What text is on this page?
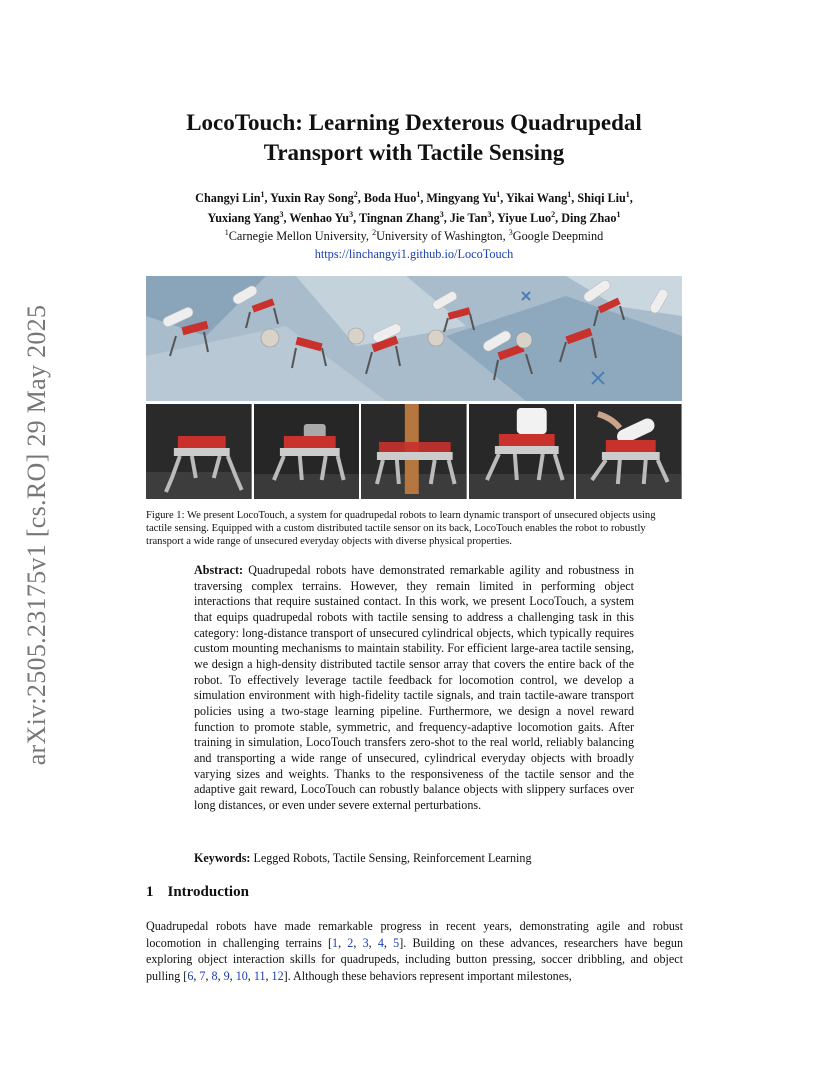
arXiv:2505.23175v1 [cs.RO] 29 May 2025
LocoTouch: Learning Dexterous Quadrupedal
Transport with Tactile Sensing
Changyi Lin$^1$, Yuxin Ray Song$^2$, Boda Huo$^1$, Mingyang Yu$^1$, Yikai Wang$^1$, Shiqi Liu$^1$,
Yuxiang Yang$^3$, Wenhao Yu$^3$, Tingnan Zhang$^3$, Jie Tan$^3$, Yiyue Luo$^2$, Ding Zhao$^1$
$^1$Carnegie Mellon University, $^2$University of Washington, $^3$Google Deepmind
https://linchangyi1.github.io/LocoTouch
Figure 1: We present LocoTouch, a system for quadrupedal robots to learn dynamic transport of unsecured objects using tactile sensing. Equipped with a custom distributed tactile sensor on its back, LocoTouch enables the robot to robustly transport a wide range of unsecured everyday objects with diverse physical properties.
Abstract: Quadrupedal robots have demonstrated remarkable agility and robustness in traversing complex terrains. However, they remain limited in performing object interactions that require sustained contact. In this work, we present LocoTouch, a system that equips quadrupedal robots with tactile sensing to address a challenging task in this category: long-distance transport of unsecured cylindrical objects, which typically requires custom mounting mechanisms to maintain stability. For efficient large-area tactile sensing, we design a high-density distributed tactile sensor array that covers the entire back of the robot. To effectively leverage tactile feedback for locomotion control, we develop a simulation environment with high-fidelity tactile signals, and train tactile-aware transport policies using a two-stage learning pipeline. Furthermore, we design a novel reward function to promote stable, symmetric, and frequency-adaptive locomotion gaits. After training in simulation, LocoTouch transfers zero-shot to the real world, reliably balancing and transporting a wide range of unsecured, cylindrical everyday objects with broadly varying sizes and weights. Thanks to the responsiveness of the tactile sensor and the adaptive gait reward, LocoTouch can robustly balance objects with slippery surfaces over long distances, or even under severe external perturbations.
Keywords: Legged Robots, Tactile Sensing, Reinforcement Learning
1 Introduction
Quadrupedal robots have made remarkable progress in recent years, demonstrating agile and robust locomotion in challenging terrains [1, 2, 3, 4, 5]. Building on these advances, researchers have begun exploring object interaction skills for quadrupeds, including button pressing, soccer dribbling, and object pulling [6, 7, 8, 9, 10, 11, 12]. Although these behaviors represent important milestones,
